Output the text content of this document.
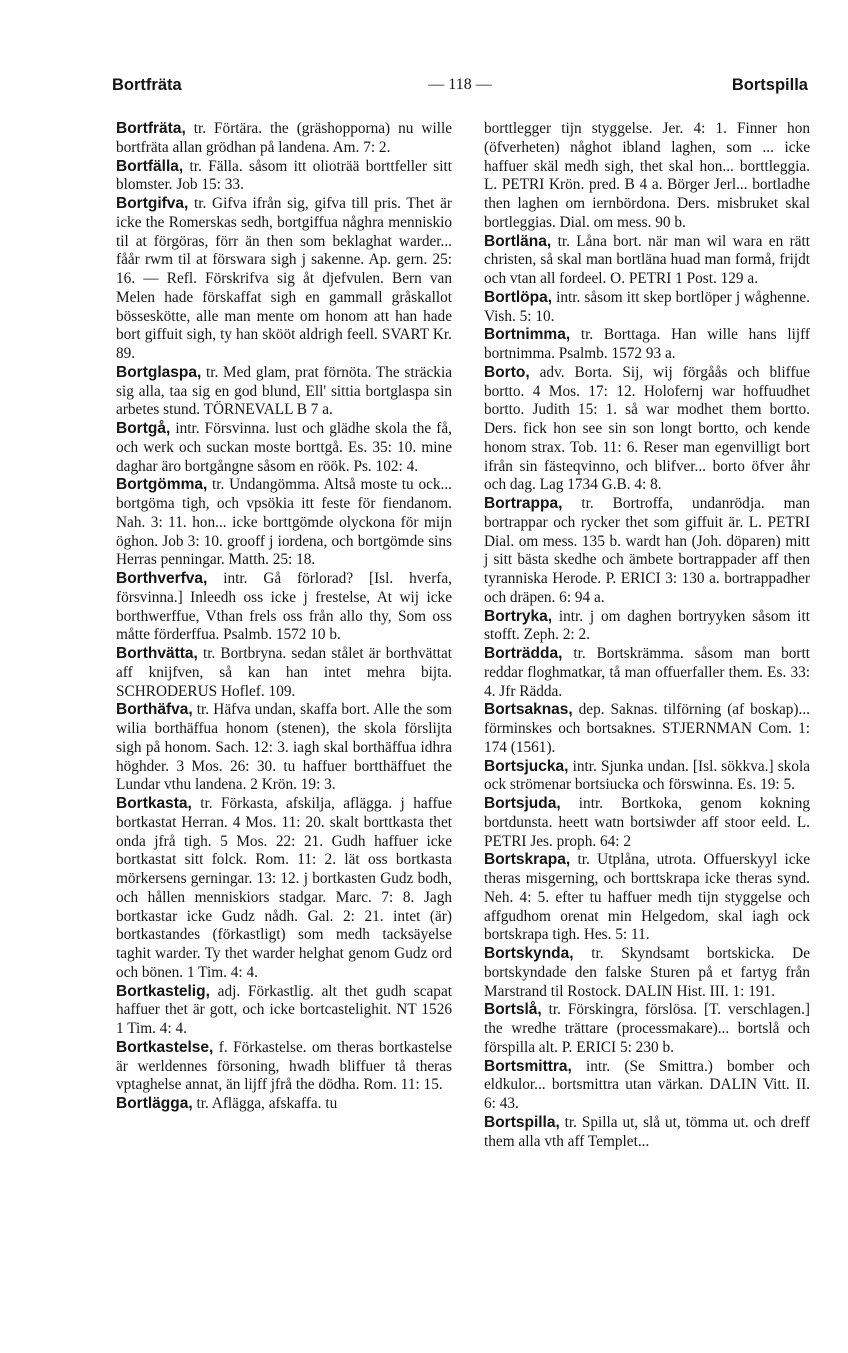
Bortfräta	— 118 —	Bortspilla

Bortfräta, tr. Förtära. the (gräshopporna) nu wille bortfräta allan grödhan på landena. Am. 7: 2.

Bortfälla, tr. Fälla. såsom itt olioträä borttfeller sitt blomster. Job 15: 33.

Bortgifva, tr. Gifva ifrån sig, gifva till pris. Thet är icke the Romerskas sedh, bortgiffua någhra menniskio til at förgöras, förr än then som beklaghat warder... fåår rwm til at förswara sigh j sakenne. Ap. gern. 25: 16. — Refl. Förskrifva sig åt djefvulen. Bern van Melen hade förskaffat sigh en gammall gråskallot bösseskötte, alle man mente om honom att han hade bort giffuit sigh, ty han skööt aldrigh feell. SVART Kr. 89.

Bortglaspa, tr. Med glam, prat förnöta. The sträckia sig alla, taa sig en god blund, Ell' sittia bortglaspa sin arbetes stund. TÖRNEVALL B 7 a.

Bortgå, intr. Försvinna. lust och glädhe skola the få, och werk och suckan moste borttgå. Es. 35: 10. mine daghar äro bortgångne såsom en röök. Ps. 102: 4.

Bortgömma, tr. Undangömma. Altså moste tu ock... bortgöma tigh, och vpsökia itt feste för fiendanom. Nah. 3: 11. hon... icke borttgömde olyckona för mijn öghon. Job 3: 10. grooff j iordena, och bortgömde sins Herras penningar. Matth. 25: 18.

Borthverfva, intr. Gå förlorad? [Isl. hverfa, försvinna.] Inleedh oss icke j frestelse, At wij icke borthwerffue, Vthan frels oss från allo thy, Som oss måtte förderffua. Psalmb. 1572 10 b.

Borthvätta, tr. Bortbryna. sedan stålet är borthvättat aff knijfven, så kan han intet mehra bijta. SCHRODERUS Hoflef. 109.

Borthäfva, tr. Häfva undan, skaffa bort. Alle the som wilia borthäffua honom (stenen), the skola förslijta sigh på honom. Sach. 12: 3. iagh skal borthäffua idhra höghder. 3 Mos. 26: 30. tu haffuer bortthäffuet the Lundar vthu landena. 2 Krön. 19: 3.

Bortkasta, tr. Förkasta, afskilja, aflägga. j haffue bortkastat Herran. 4 Mos. 11: 20. skalt borttkasta thet onda jfrå tigh. 5 Mos. 22: 21. Gudh haffuer icke bortkastat sitt folck. Rom. 11: 2. lät oss bortkasta mörkersens gerningar. 13: 12. j bortkasten Gudz bodh, och hållen menniskiors stadgar. Marc. 7: 8. Jagh bortkastar icke Gudz nådh. Gal. 2: 21. intet (är) bortkastandes (förkastligt) som medh tacksäyelse taghit warder. Ty thet warder helghat genom Gudz ord och bönen. 1 Tim. 4: 4.

Bortkastelig, adj. Förkastlig. alt thet gudh scapat haffuer thet är gott, och icke bortcastelighit. NT 1526 1 Tim. 4: 4.

Bortkastelse, f. Förkastelse. om theras bortkastelse är werldennes försoning, hwadh bliffuer tå theras vptaghelse annat, än lijff jfrå the dödha. Rom. 11: 15.

Bortlägga, tr. Aflägga, afskaffa. tu

borttlegger tijn styggelse. Jer. 4: 1. Finner hon (öfverheten) någhot ibland laghen, som ... icke haffuer skäl medh sigh, thet skal hon... borttleggia. L. PETRI Krön. pred. B 4 a. Börger Jerl... bortladhe then laghen om iernbördona. Ders. misbruket skal bortleggias. Dial. om mess. 90 b.

Bortläna, tr. Låna bort. när man wil wara en rätt christen, så skal man bortläna huad man formå, frijdt och vtan all fordeel. O. PETRI 1 Post. 129 a.

Bortlöpa, intr. såsom itt skep bortlöper j wåghenne. Vish. 5: 10.

Bortnimma, tr. Borttaga. Han wille hans lijff bortnimma. Psalmb. 1572 93 a.

Borto, adv. Borta. Sij, wij förgåås och bliffue bortto. 4 Mos. 17: 12. Holofernj war hoffuudhet bortto. Judith 15: 1. så war modhet them bortto. Ders. fick hon see sin son longt bortto, och kende honom strax. Tob. 11: 6. Reser man egenvilligt bort ifrån sin fästeqvinno, och blifver... borto öfver åhr och dag. Lag 1734 G.B. 4: 8.

Bortrappa, tr. Bortroffa, undanrödja. man bortrappar och rycker thet som giffuit är. L. PETRI Dial. om mess. 135 b. wardt han (Joh. döparen) mitt j sitt bästa skedhe och ämbete bortrappader aff then tyranniska Herode. P. ERICI 3: 130 a. bortrappadher och dräpen. 6: 94 a.

Bortryka, intr. j om daghen bortryyken såsom itt stofft. Zeph. 2: 2.

Borträdda, tr. Bortskrämma. såsom man bortt reddar floghmatkar, tå man offuerfaller them. Es. 33: 4. Jfr Rädda.

Bortsaknas, dep. Saknas. tilförning (af boskap)... förminskes och bortsaknes. STJERNMAN Com. 1: 174 (1561).

Bortsjucka, intr. Sjunka undan. [Isl. sökkva.] skola ock strömenar bortsiucka och förswinna. Es. 19: 5.

Bortsjuda, intr. Bortkoka, genom kokning bortdunsta. heett watn bortsiwder aff stoor eeld. L. PETRI Jes. proph. 64: 2

Bortskrapa, tr. Utplåna, utrota. Offuerskyyl icke theras misgerning, och borttskrapa icke theras synd. Neh. 4: 5. efter tu haffuer medh tijn styggelse och affgudhom orenat min Helgedom, skal iagh ock bortskrapa tigh. Hes. 5: 11.

Bortskynda, tr. Skyndsamt bortskicka. De bortskyndade den falske Sturen på et fartyg från Marstrand til Rostock. DALIN Hist. III. 1: 191.

Bortslå, tr. Förskingra, förslösa. [T. verschlagen.] the wredhe trättare (processmakare)... bortslå och förspilla alt. P. ERICI 5: 230 b.

Bortsmittra, intr. (Se Smittra.) bomber och eldkulor... bortsmittra utan värkan. DALIN Vitt. II. 6: 43.

Bortspilla, tr. Spilla ut, slå ut, tömma ut. och dreff them alla vth aff Templet...
